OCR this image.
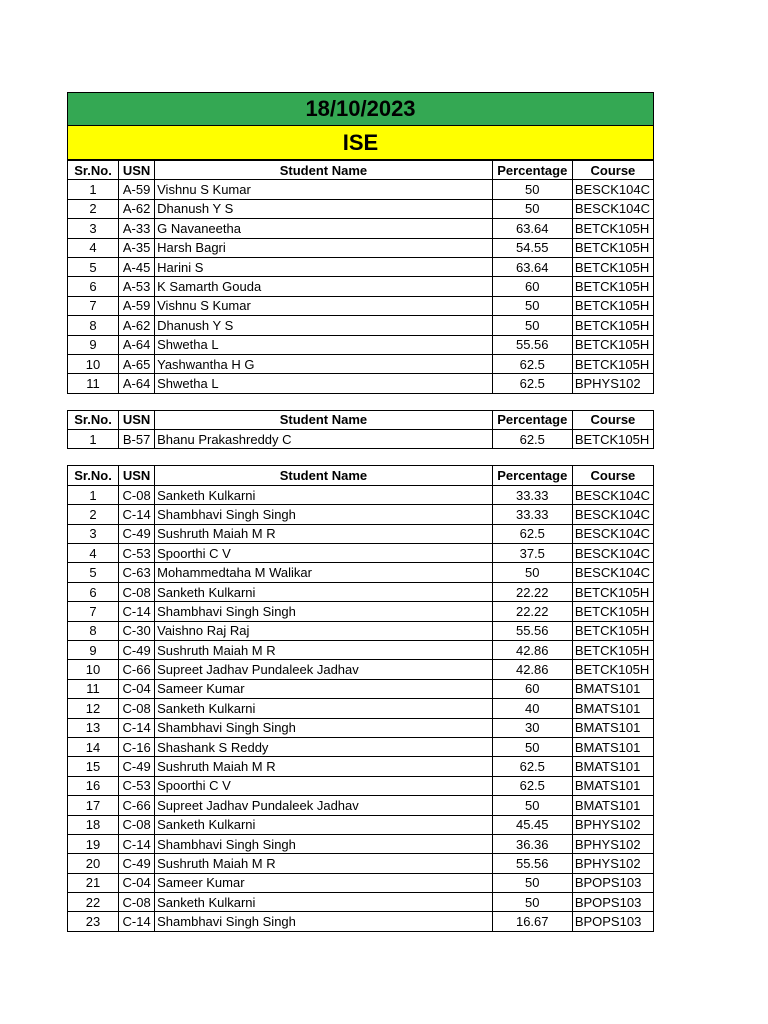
18/10/2023
ISE
Sr.No.	USN	Student Name	Percentage	Course
1	A-59	Vishnu S Kumar	50	BESCK104C
2	A-62	Dhanush Y S	50	BESCK104C
3	A-33	G Navaneetha	63.64	BETCK105H
4	A-35	Harsh Bagri	54.55	BETCK105H
5	A-45	Harini S	63.64	BETCK105H
6	A-53	K Samarth Gouda	60	BETCK105H
7	A-59	Vishnu S Kumar	50	BETCK105H
8	A-62	Dhanush Y S	50	BETCK105H
9	A-64	Shwetha L	55.56	BETCK105H
10	A-65	Yashwantha H G	62.5	BETCK105H
11	A-64	Shwetha L	62.5	BPHYS102
Sr.No.	USN	Student Name	Percentage	Course
1	B-57	Bhanu Prakashreddy C	62.5	BETCK105H
Sr.No.	USN	Student Name	Percentage	Course
1	C-08	Sanketh Kulkarni	33.33	BESCK104C
2	C-14	Shambhavi Singh Singh	33.33	BESCK104C
3	C-49	Sushruth Maiah M R	62.5	BESCK104C
4	C-53	Spoorthi C V	37.5	BESCK104C
5	C-63	Mohammedtaha M Walikar	50	BESCK104C
6	C-08	Sanketh Kulkarni	22.22	BETCK105H
7	C-14	Shambhavi Singh Singh	22.22	BETCK105H
8	C-30	Vaishno Raj Raj	55.56	BETCK105H
9	C-49	Sushruth Maiah M R	42.86	BETCK105H
10	C-66	Supreet Jadhav Pundaleek Jadhav	42.86	BETCK105H
11	C-04	Sameer Kumar	60	BMATS101
12	C-08	Sanketh Kulkarni	40	BMATS101
13	C-14	Shambhavi Singh Singh	30	BMATS101
14	C-16	Shashank S Reddy	50	BMATS101
15	C-49	Sushruth Maiah M R	62.5	BMATS101
16	C-53	Spoorthi C V	62.5	BMATS101
17	C-66	Supreet Jadhav Pundaleek Jadhav	50	BMATS101
18	C-08	Sanketh Kulkarni	45.45	BPHYS102
19	C-14	Shambhavi Singh Singh	36.36	BPHYS102
20	C-49	Sushruth Maiah M R	55.56	BPHYS102
21	C-04	Sameer Kumar	50	BPOPS103
22	C-08	Sanketh Kulkarni	50	BPOPS103
23	C-14	Shambhavi Singh Singh	16.67	BPOPS103
